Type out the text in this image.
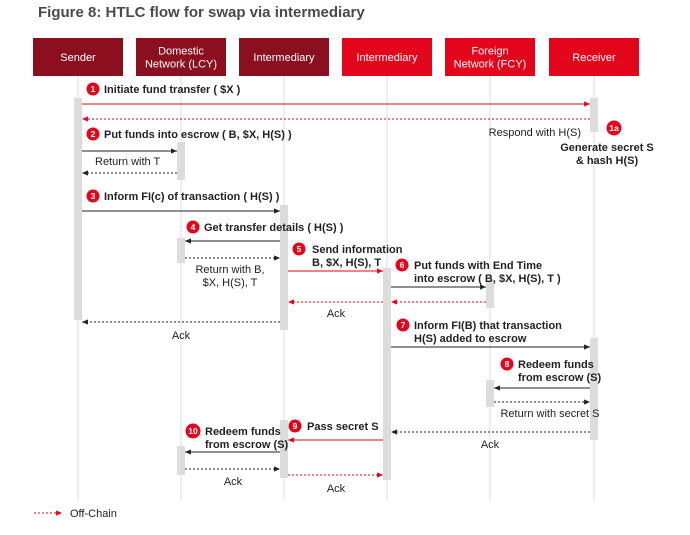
Figure 8: HTLC flow for swap via intermediary
Sender
Domestic
Network (LCY)
Intermediary	Intermediary
Foreign
Network (FCY)
Receiver
Initiate fund transfer ( $X )
Respond with H(S)
Generate secret S
& hash H(S)
Put funds into escrow ( B, $X, H(S) )
Return with T
Inform FI(c) of transaction ( H(S) )
Get transfer details ( H(S) )
Return with B,
$X, H(S), T
Send information
B, $X, H(S), T	Put funds with End Time
into escrow ( B, $X, H(S), T )
Ack
Ack
Inform FI(B) that transaction
H(S) added to escrow
Redeem funds
from escrow (S)
Return with secret S
Ack
Pass secret S
Redeem funds
from escrow (S)
Ack
Ack
1
1a
2
3
4
5
6
7
8
9
10
Off-Chain
